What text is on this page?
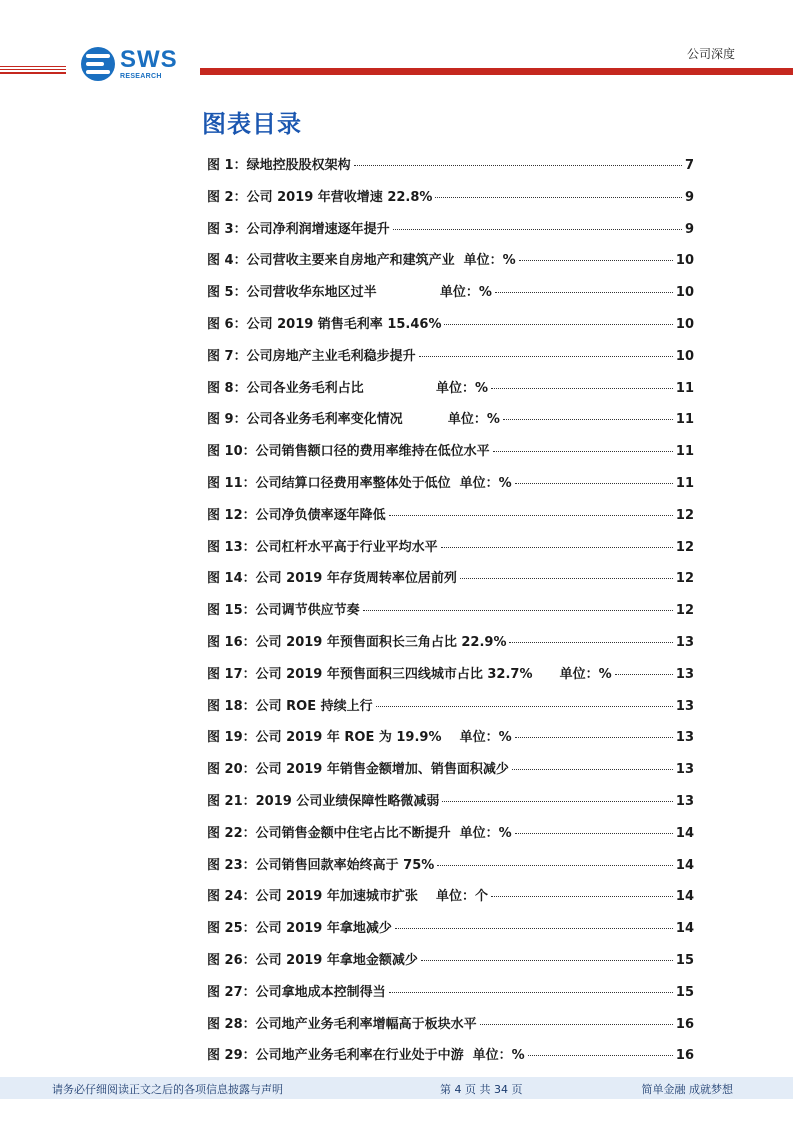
SWS
RESEARCH
公司深度
图表目录
图 1：绿地控股股权架构	7
图 2：公司 2019 年营收增速 22.8%	9
图 3：公司净利润增速逐年提升	9
图 4：公司营收主要来自房地产和建筑产业  单位：%	10
图 5：公司营收华东地区过半              单位：%	10
图 6：公司 2019 销售毛利率 15.46%	10
图 7：公司房地产主业毛利稳步提升	10
图 8：公司各业务毛利占比                单位：%	11
图 9：公司各业务毛利率变化情况          单位：%	11
图 10：公司销售额口径的费用率维持在低位水平	11
图 11：公司结算口径费用率整体处于低位  单位：%	11
图 12：公司净负债率逐年降低	12
图 13：公司杠杆水平高于行业平均水平	12
图 14：公司 2019 年存货周转率位居前列	12
图 15：公司调节供应节奏	12
图 16：公司 2019 年预售面积长三角占比 22.9%	13
图 17：公司 2019 年预售面积三四线城市占比 32.7%      单位：%	13
图 18：公司 ROE 持续上行	13
图 19：公司 2019 年 ROE 为 19.9%    单位：%	13
图 20：公司 2019 年销售金额增加、销售面积减少	13
图 21：2019 公司业绩保障性略微减弱	13
图 22：公司销售金额中住宅占比不断提升  单位：%	14
图 23：公司销售回款率始终高于 75%	14
图 24：公司 2019 年加速城市扩张    单位：个	14
图 25：公司 2019 年拿地减少	14
图 26：公司 2019 年拿地金额减少	15
图 27：公司拿地成本控制得当	15
图 28：公司地产业务毛利率增幅高于板块水平	16
图 29：公司地产业务毛利率在行业处于中游  单位：%	16
请务必仔细阅读正文之后的各项信息披露与声明	第 4 页 共 34 页	简单金融 成就梦想
